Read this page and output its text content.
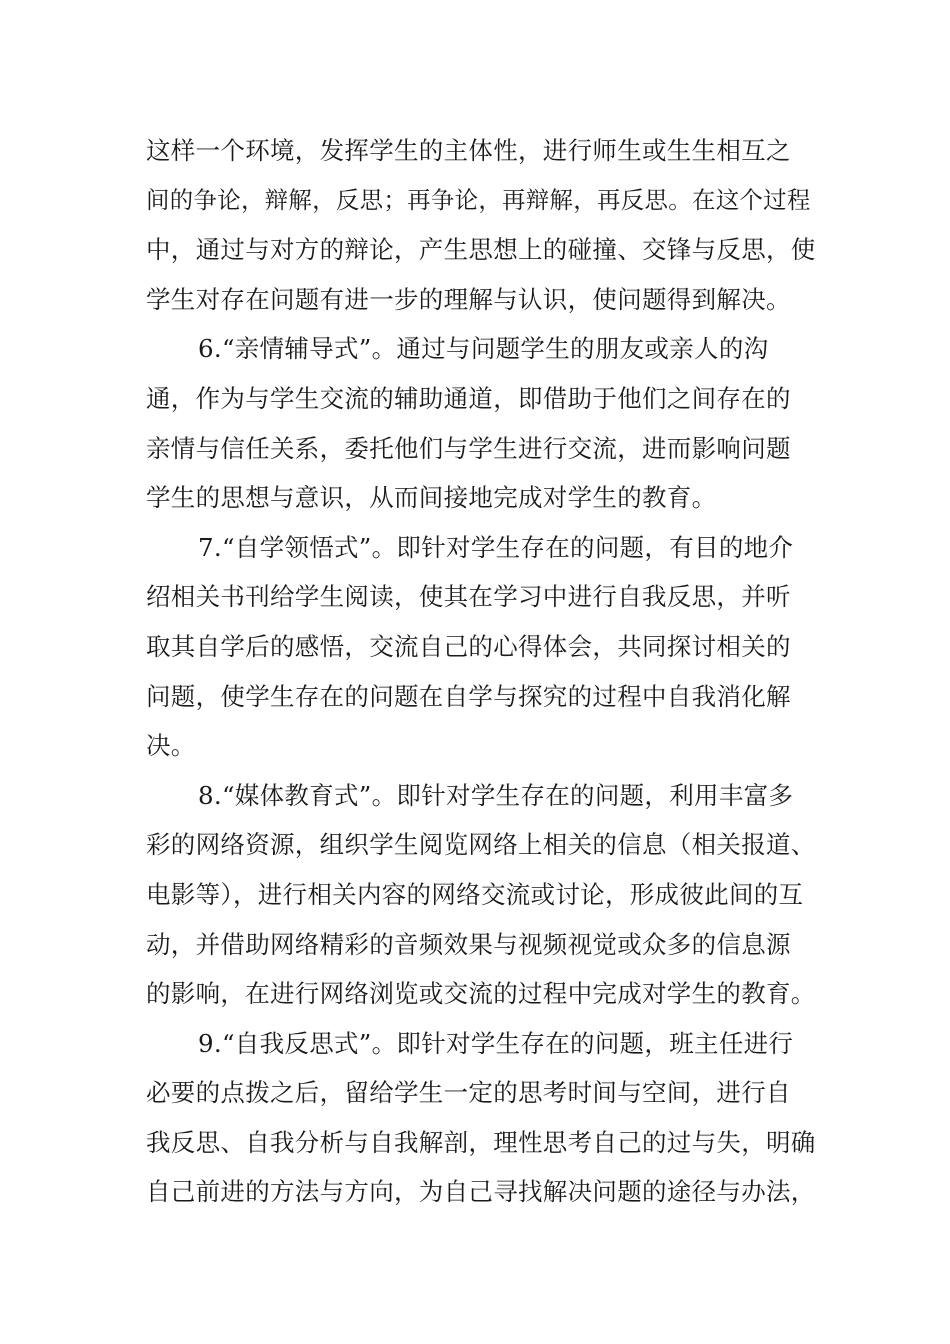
这样一个环境，发挥学生的主体性，进行师生或生生相互之
间的争论，辩解，反思；再争论，再辩解，再反思。在这个过程
中，通过与对方的辩论，产生思想上的碰撞、交锋与反思，使
学生对存在问题有进一步的理解与认识，使问题得到解决。
6.“亲情辅导式”。通过与问题学生的朋友或亲人的沟
通，作为与学生交流的辅助通道，即借助于他们之间存在的
亲情与信任关系，委托他们与学生进行交流，进而影响问题
学生的思想与意识，从而间接地完成对学生的教育。
7.“自学领悟式”。即针对学生存在的问题，有目的地介
绍相关书刊给学生阅读，使其在学习中进行自我反思，并听
取其自学后的感悟，交流自己的心得体会，共同探讨相关的
问题，使学生存在的问题在自学与探究的过程中自我消化解
决。
8.“媒体教育式”。即针对学生存在的问题，利用丰富多
彩的网络资源，组织学生阅览网络上相关的信息（相关报道、
电影等），进行相关内容的网络交流或讨论，形成彼此间的互
动，并借助网络精彩的音频效果与视频视觉或众多的信息源
的影响，在进行网络浏览或交流的过程中完成对学生的教育。
9.“自我反思式”。即针对学生存在的问题，班主任进行
必要的点拨之后，留给学生一定的思考时间与空间，进行自
我反思、自我分析与自我解剖，理性思考自己的过与失，明确
自己前进的方法与方向，为自己寻找解决问题的途径与办法，
